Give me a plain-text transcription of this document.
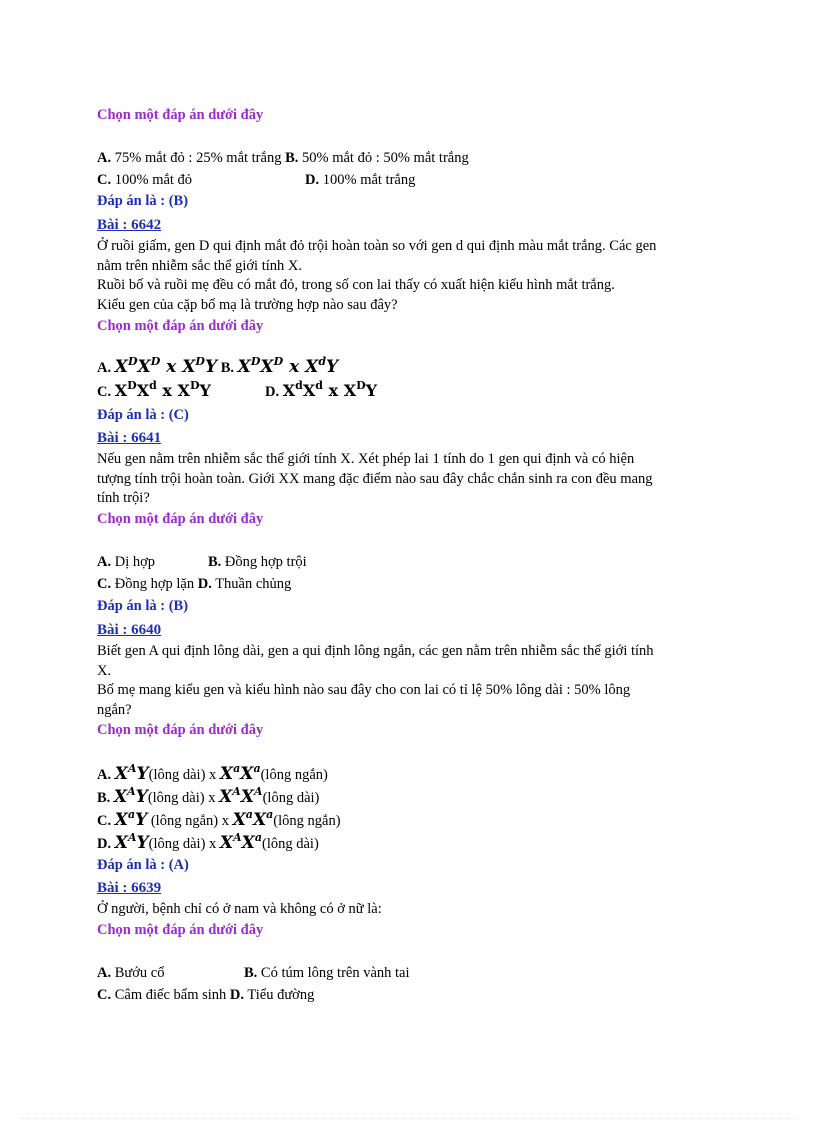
Chọn một đáp án dưới đây
A. 75% mắt đỏ : 25% mắt trắng B. 50% mắt đỏ : 50% mắt trắng
C. 100% mắt đỏ	D. 100% mắt trắng
Đáp án là : (B)
Bài : 6642
Ở ruồi giấm, gen D qui định mắt đỏ trội hoàn toàn so với gen d qui định màu mắt trắng. Các gen
nằm trên nhiễm sắc thể giới tính X.
Ruồi bố và ruồi mẹ đều có mắt đỏ, trong số con lai thấy có xuất hiện kiểu hình mắt trắng.
Kiểu gen của cặp bố mạ là trường hợp nào sau đây?
Chọn một đáp án dưới đây
A. $X^DX^D$ x $X^DY$ B. $X^DX^D$ x $X^dY$
C. $X^DX^d$ x $X^DY$	D. $X^dX^d$ x $X^DY$
Đáp án là : (C)
Bài : 6641
Nếu gen nằm trên nhiễm sắc thể giới tính X. Xét phép lai 1 tính do 1 gen qui định và có hiện
tượng tính trội hoàn toàn. Giới XX mang đặc điểm nào sau đây chắc chắn sinh ra con đều mang
tính trội?
Chọn một đáp án dưới đây
A. Dị hợp	B. Đồng hợp trội
C. Đồng hợp lặn D. Thuần chủng
Đáp án là : (B)
Bài : 6640
Biết gen A qui định lông dài, gen a qui định lông ngắn, các gen nằm trên nhiễm sắc thể giới tính
X.
Bố mẹ mang kiểu gen và kiểu hình nào sau đây cho con lai có tỉ lệ 50% lông dài : 50% lông
ngắn?
Chọn một đáp án dưới đây
A. $X^AY(lông$ dài) x $X^aX^a(lông$ ngắn)
B. $X^AY(lông$ dài) x $X^AX^A(lông$ dài)
C. $X^aY$ (lông ngắn) x $X^aX^a(lông$ ngắn)
D. $X^AY(lông$ dài) x $X^AX^a(lông$ dài)
Đáp án là : (A)
Bài : 6639
Ở người, bệnh chỉ có ở nam và không có ở nữ là:
Chọn một đáp án dưới đây
A. Bướu cổ	B. Có túm lông trên vành tai
C. Câm điếc bẩm sinh D. Tiểu đường
